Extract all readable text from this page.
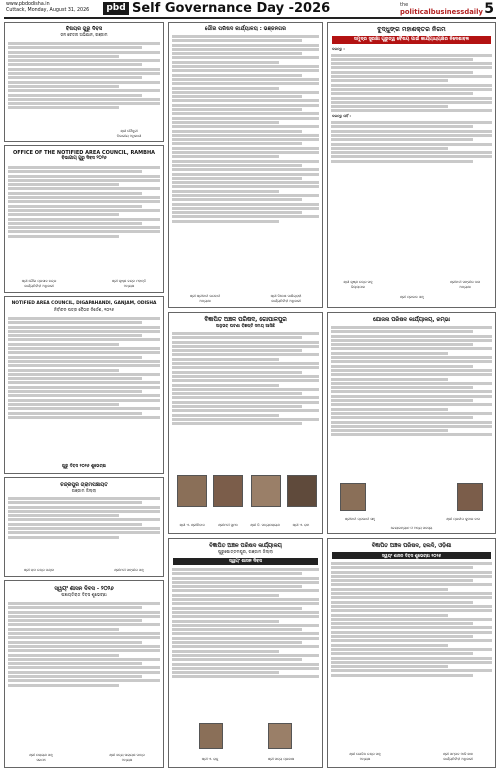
www.pbdodisha.in
Cuttack, Monday, August 31, 2026	pbd Self Governance Day -2026	the
politicalbusinessdaily 5
ବିଷୟର ଗୁରୁ ଦିବସ
ଜନ ଚେତନା ଅଭିଯାନ, ଗଞ୍ଜାମ
ଶ୍ରୀ ଚୌଧୁରୀ
ବିଭାଗୀୟ ଅଧିକାରୀ
OFFICE OF THE NOTIFIED AREA COUNCIL, RAMBHA
ବିଭାଗୀୟ ଗୁରୁ ଦିବସ ୨୦୨୬
ଶ୍ରୀ ଗୌର ପ୍ରସାଦ ଚନ୍ଦ୍ର
କାର୍ଯ୍ୟନିର୍ବାହୀ ଅଧିକାରୀ
ଶ୍ରୀ କୃଷ୍ଣ ଚନ୍ଦ୍ର ମହାନ୍ତି
ଅଧ୍ୟକ୍ଷ
NOTIFIED AREA COUNCIL, DIGAPAHANDI, GANJAM, ODISHA
ନିର୍ବାଚନ ପତ୍ର ବୈଠକ ନିର୍ଦ୍ଦେଶ, ୧୦୨୬
ଗୁରୁ ଦିବସ ୨୦୨୬ ଶୁଭେଚ୍ଛା
ଚନ୍ଦ୍ରପୁର ଗ୍ରାମପଞ୍ଚାୟତ
ଗଞ୍ଜାମ ଜିଲ୍ଲା
ଶ୍ରୀ ରାମ ଚନ୍ଦ୍ର ପଣ୍ଡା	ଶ୍ରୀମତୀ ସଙ୍ଗୀତା ସାହୁ
ସ୍ୱୟଂ ଶାସନ ଦିବସ - ୨୦୨୬
ପଞ୍ଚାୟତିରାଜ ଦିବସ ଶୁଭେଚ୍ଛା
ଶ୍ରୀ ନାରାୟଣ ସାହୁ
ସରପଞ୍ଚ
ଶ୍ରୀ ସତ୍ୟ ନାରାୟଣ ପାତ୍ର
ଅଧ୍ୟକ୍ଷ
ଗୌର ପରିଷଦ କାର୍ଯ୍ୟାଳୟ : ଭଞ୍ଜନଗର
ଶ୍ରୀ ଶ୍ରୀମତୀ ଭଗବତୀ
ଅଧ୍ୟକ୍ଷା
ଶ୍ରୀ ଦିନେଶ ପାଣିଗ୍ରାହୀ
କାର୍ଯ୍ୟନିର୍ବାହୀ ଅଧିକାରୀ
ବୁଦ୍ଧୁଙ୍ଗ ମହାଶକ୍ତର ନିଗମ
ସମୁଦ୍ର ସୁରକ୍ଷା ଗୁରୁତ୍ୱ ବୈଷୟ ପାଇଁ କାର୍ଯ୍ୟାଧ୍ୟକ୍ଷର ନିଦେଶାବଳ
କରନ୍ତୁ :
କରନ୍ତୁ ନାହିଁ :
ଶ୍ରୀ କୃଷ୍ଣ ଚନ୍ଦ୍ର ସାହୁ
ଜିଲ୍ଲାପାଳ
ଶ୍ରୀ ପ୍ରଭାତ ସାହୁ
ଶ୍ରୀମତୀ ସଙ୍ଗୀତା ଦାସ
ଅଧ୍ୟକ୍ଷା
ବିଜ୍ଞାପିତ ଅଞ୍ଚଳ ପରିଷଦ, ଗୋପାଳପୁର
ଅନୁଭବ ଘଟଣା ବିଜ୍ଞପ୍ତି ସମୟ ଆସିଛି
ଶ୍ରୀ ଏ. ଶ୍ରୀନିବାସ	ଶ୍ରୀମତୀ ସୁମନ	ଶ୍ରୀ ବି. ସତ୍ୟନାରାୟଣ	ଶ୍ରୀ ଏ. ରାମ
ଯୋଜନା ପରିଷଦ କାର୍ଯ୍ୟାଳୟ, ରମ୍ଭା
ଶ୍ରୀମତୀ ପ୍ରଭାତୀ ସାହୁ	ଶ୍ରୀ ପ୍ରଦୀପ କୁମାର ଦାସ
ଚେୟାରମ୍ୟାନ ଓ ଅନ୍ୟ ସଦସ୍ୟ
ବିଜ୍ଞାପିତ ଅଞ୍ଚଳ ପରିଷଦ କାର୍ଯ୍ୟାଳୟ
ପୁରୁଷୋତ୍ତମପୁର, ଗଞ୍ଜାମ ଜିଲ୍ଲା
ସ୍ୱୟଂ ଶାସନ ଦିବସ
ଶ୍ରୀ ଏ. ରାଜୁ	ଶ୍ରୀ ସତ୍ୟ ପ୍ରକାଶ
ବିଜ୍ଞାପିତ ଅଞ୍ଚଳ ପରିଷଦ, ହଲଦି, ଓଡ଼ିଶା
ସ୍ୱୟଂ ଶାସନ ଦିବସ ଶୁଭେଚ୍ଛା ୨୦୨୬
ଶ୍ରୀ ଗୋବିନ୍ଦ ଚନ୍ଦ୍ର ସାହୁ
ଅଧ୍ୟକ୍ଷ
ଶ୍ରୀ ସମ୍ପଦ ଆଳି ଖାନ
କାର୍ଯ୍ୟନିର୍ବାହୀ ଅଧିକାରୀ
